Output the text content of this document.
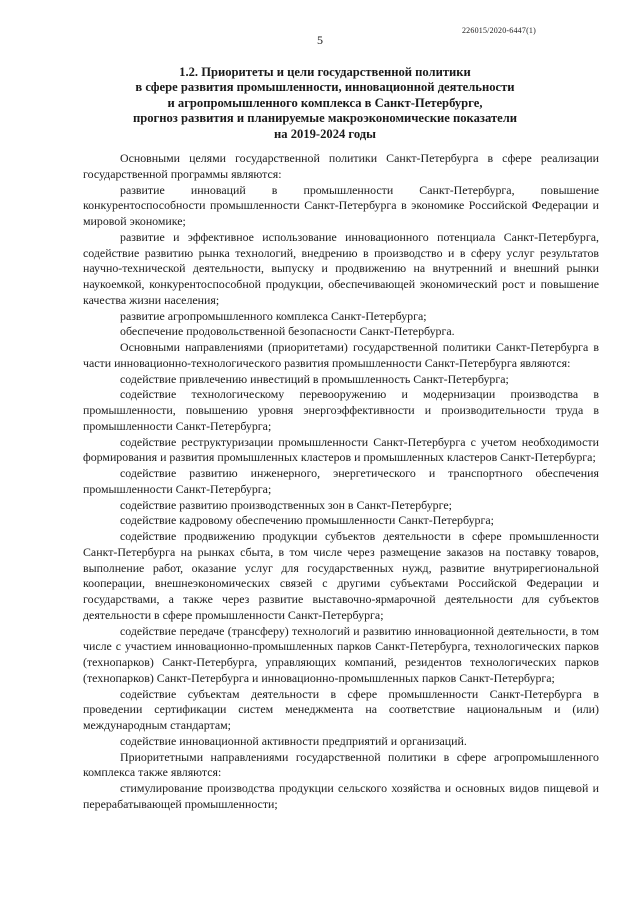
226015/2020-6447(1)
5
1.2. Приоритеты и цели государственной политики
в сфере развития промышленности, инновационной деятельности
и агропромышленного комплекса в Санкт-Петербурге,
прогноз развития и планируемые макроэкономические показатели
на 2019-2024 годы

Основными целями государственной политики Санкт-Петербурга в сфере реализации государственной программы являются:

развитие инноваций в промышленности Санкт-Петербурга, повышение конкурентоспособности промышленности Санкт-Петербурга в экономике Российской Федерации и мировой экономике;

развитие и эффективное использование инновационного потенциала Санкт-Петербурга, содействие развитию рынка технологий, внедрению в производство и в сферу услуг результатов научно-технической деятельности, выпуску и продвижению на внутренний и внешний рынки наукоемкой, конкурентоспособной продукции, обеспечивающей экономический рост и повышение качества жизни населения;

развитие агропромышленного комплекса Санкт-Петербурга;

обеспечение продовольственной безопасности Санкт-Петербурга.

Основными направлениями (приоритетами) государственной политики Санкт-Петербурга в части инновационно-технологического развития промышленности Санкт-Петербурга являются:

содействие привлечению инвестиций в промышленность Санкт-Петербурга;

содействие технологическому перевооружению и модернизации производства в промышленности, повышению уровня энергоэффективности и производительности труда в промышленности Санкт-Петербурга;

содействие реструктуризации промышленности Санкт-Петербурга с учетом необходимости формирования и развития промышленных кластеров и промышленных кластеров Санкт-Петербурга;

содействие развитию инженерного, энергетического и транспортного обеспечения промышленности Санкт-Петербурга;

содействие развитию производственных зон в Санкт-Петербурге;

содействие кадровому обеспечению промышленности Санкт-Петербурга;

содействие продвижению продукции субъектов деятельности в сфере промышленности Санкт-Петербурга на рынках сбыта, в том числе через размещение заказов на поставку товаров, выполнение работ, оказание услуг для государственных нужд, развитие внутрирегиональной кооперации, внешнеэкономических связей с другими субъектами Российской Федерации и государствами, а также через развитие выставочно-ярмарочной деятельности для субъектов деятельности в сфере промышленности Санкт-Петербурга;

содействие передаче (трансферу) технологий и развитию инновационной деятельности, в том числе с участием инновационно-промышленных парков Санкт-Петербурга, технологических парков (технопарков) Санкт-Петербурга, управляющих компаний, резидентов технологических парков (технопарков) Санкт-Петербурга и инновационно-промышленных парков Санкт-Петербурга;

содействие субъектам деятельности в сфере промышленности Санкт-Петербурга в проведении сертификации систем менеджмента на соответствие национальным и (или) международным стандартам;

содействие инновационной активности предприятий и организаций.

Приоритетными направлениями государственной политики в сфере агропромышленного комплекса также являются:

стимулирование производства продукции сельского хозяйства и основных видов пищевой и перерабатывающей промышленности;
